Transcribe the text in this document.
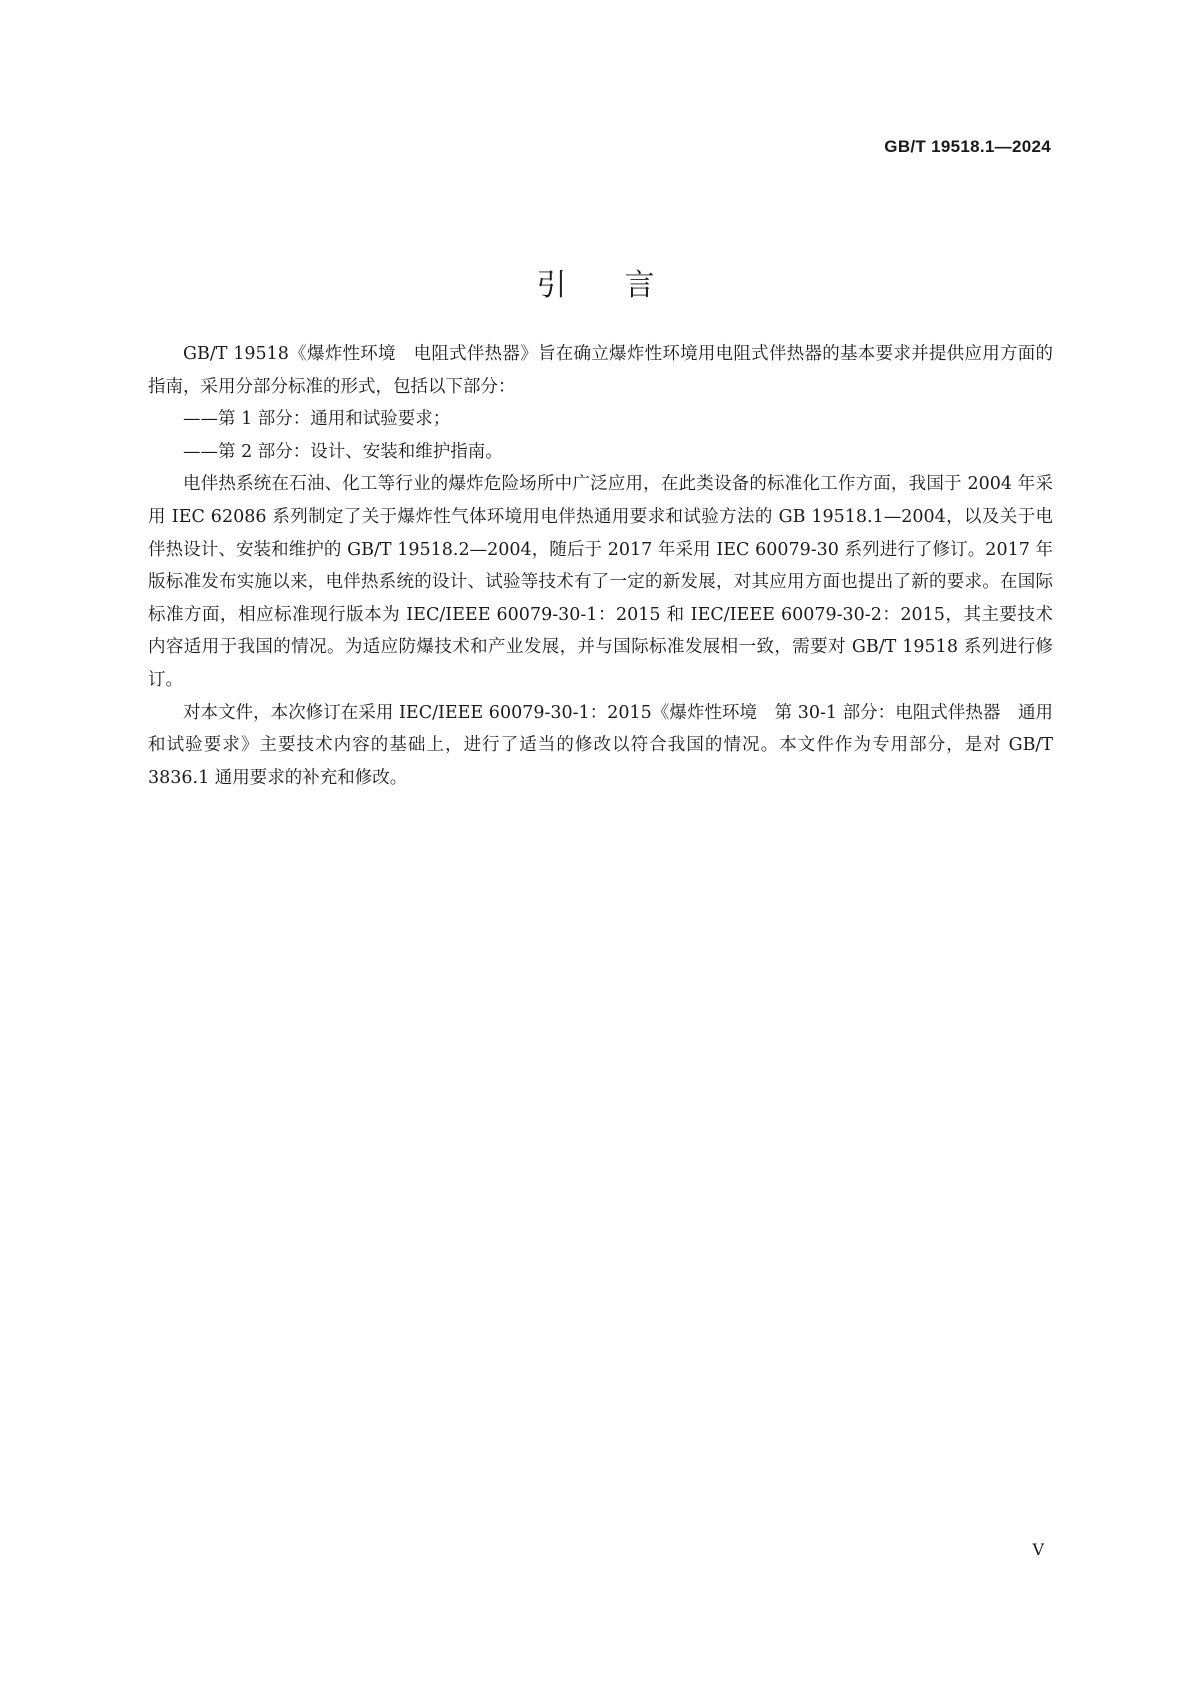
GB/T 19518.1—2024
引言

GB/T 19518《爆炸性环境　电阻式伴热器》旨在确立爆炸性环境用电阻式伴热器的基本要求并提供应用方面的指南，采用分部分标准的形式，包括以下部分：

——第 1 部分：通用和试验要求；

——第 2 部分：设计、安装和维护指南。

电伴热系统在石油、化工等行业的爆炸危险场所中广泛应用，在此类设备的标准化工作方面，我国于 2004 年采用 IEC 62086 系列制定了关于爆炸性气体环境用电伴热通用要求和试验方法的 GB 19518.1—2004，以及关于电伴热设计、安装和维护的 GB/T 19518.2—2004，随后于 2017 年采用 IEC 60079-30 系列进行了修订。2017 年版标准发布实施以来，电伴热系统的设计、试验等技术有了一定的新发展，对其应用方面也提出了新的要求。在国际标准方面，相应标准现行版本为 IEC/IEEE 60079-30-1：2015 和 IEC/IEEE 60079-30-2：2015，其主要技术内容适用于我国的情况。为适应防爆技术和产业发展，并与国际标准发展相一致，需要对 GB/T 19518 系列进行修订。

对本文件，本次修订在采用 IEC/IEEE 60079-30-1：2015《爆炸性环境　第 30-1 部分：电阻式伴热器　通用和试验要求》主要技术内容的基础上，进行了适当的修改以符合我国的情况。本文件作为专用部分，是对 GB/T 3836.1 通用要求的补充和修改。

V
